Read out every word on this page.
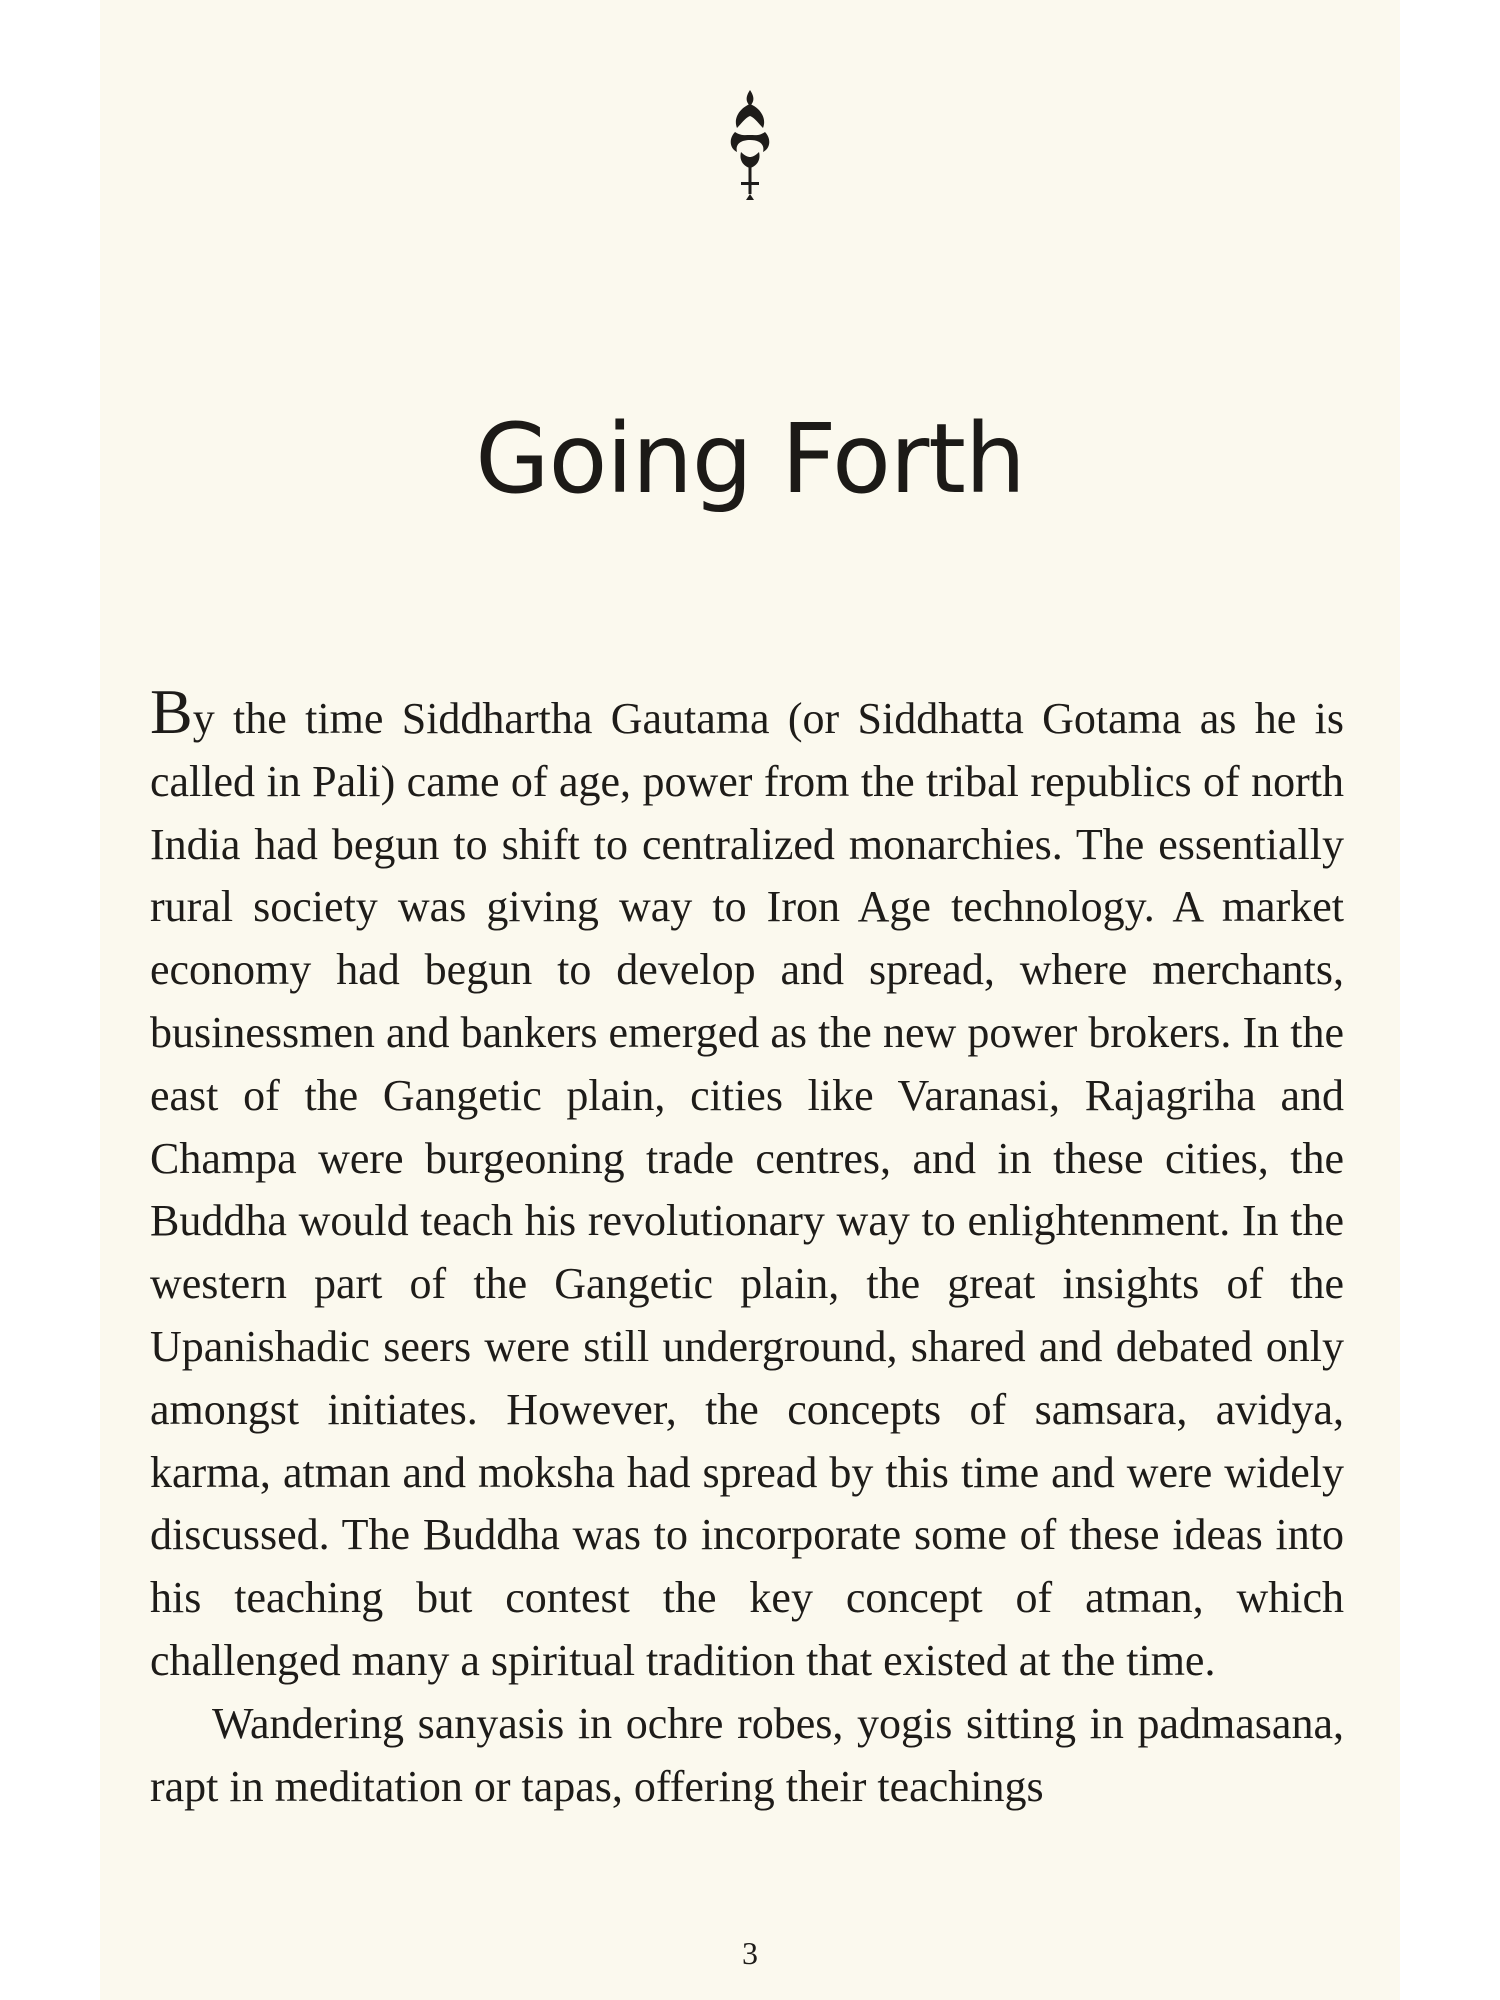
Going Forth

By the time Siddhartha Gautama (or Siddhatta Gotama as he is called in Pali) came of age, power from the tribal republics of north India had begun to shift to centralized monarchies. The essentially rural society was giving way to Iron Age technology. A market economy had begun to develop and spread, where merchants, businessmen and bankers emerged as the new power brokers. In the east of the Gangetic plain, cities like Varanasi, Rajagriha and Champa were burgeoning trade centres, and in these cities, the Buddha would teach his revolutionary way to enlightenment. In the western part of the Gangetic plain, the great insights of the Upanishadic seers were still underground, shared and debated only amongst initiates. However, the concepts of samsara, avidya, karma, atman and moksha had spread by this time and were widely discussed. The Buddha was to incorporate some of these ideas into his teaching but contest the key concept of atman, which challenged many a spiritual tradition that existed at the time.

Wandering sanyasis in ochre robes, yogis sitting in padmasana, rapt in meditation or tapas, offering their teachings

3
